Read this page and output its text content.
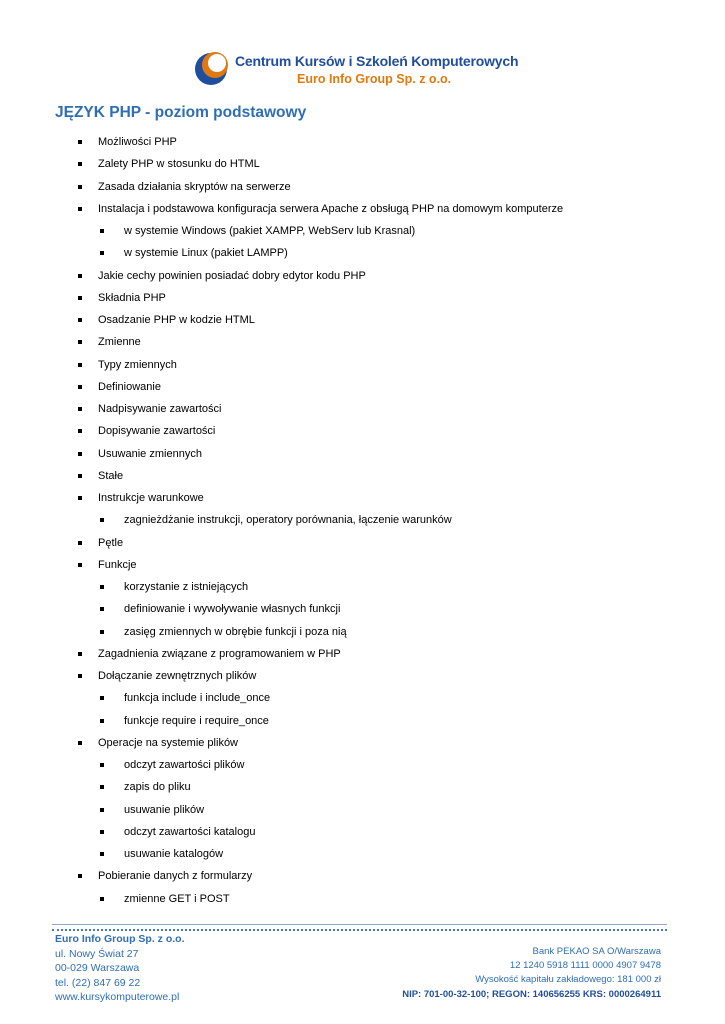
Centrum Kursów i Szkoleń Komputerowych
Euro Info Group Sp. z o.o.
JĘZYK PHP - poziom podstawowy
Możliwości PHP
Zalety PHP w stosunku do HTML
Zasada działania skryptów na serwerze
Instalacja i podstawowa konfiguracja serwera Apache z obsługą PHP na domowym komputerze
w systemie Windows (pakiet XAMPP, WebServ lub Krasnal)
w systemie Linux (pakiet LAMPP)
Jakie cechy powinien posiadać dobry edytor kodu PHP
Składnia PHP
Osadzanie PHP w kodzie HTML
Zmienne
Typy zmiennych
Definiowanie
Nadpisywanie zawartości
Dopisywanie zawartości
Usuwanie zmiennych
Stałe
Instrukcje warunkowe
zagnieżdżanie instrukcji, operatory porównania, łączenie warunków
Pętle
Funkcje
korzystanie z istniejących
definiowanie i wywoływanie własnych funkcji
zasięg zmiennych w obrębie funkcji i poza nią
Zagadnienia związane z programowaniem w PHP
Dołączanie zewnętrznych plików
funkcja include i include_once
funkcje require i require_once
Operacje na systemie plików
odczyt zawartości plików
zapis do pliku
usuwanie plików
odczyt zawartości katalogu
usuwanie katalogów
Pobieranie danych z formularzy
zmienne GET i POST
Euro Info Group Sp. z o.o.
ul. Nowy Świat 27
00-029 Warszawa
tel. (22) 847 69 22
www.kursykomputerowe.pl
Bank PEKAO SA O/Warszawa
12 1240 5918 1111 0000 4907 9478
Wysokość kapitału zakładowego: 181 000 zł
NIP: 701-00-32-100; REGON: 140656255 KRS: 0000264911
